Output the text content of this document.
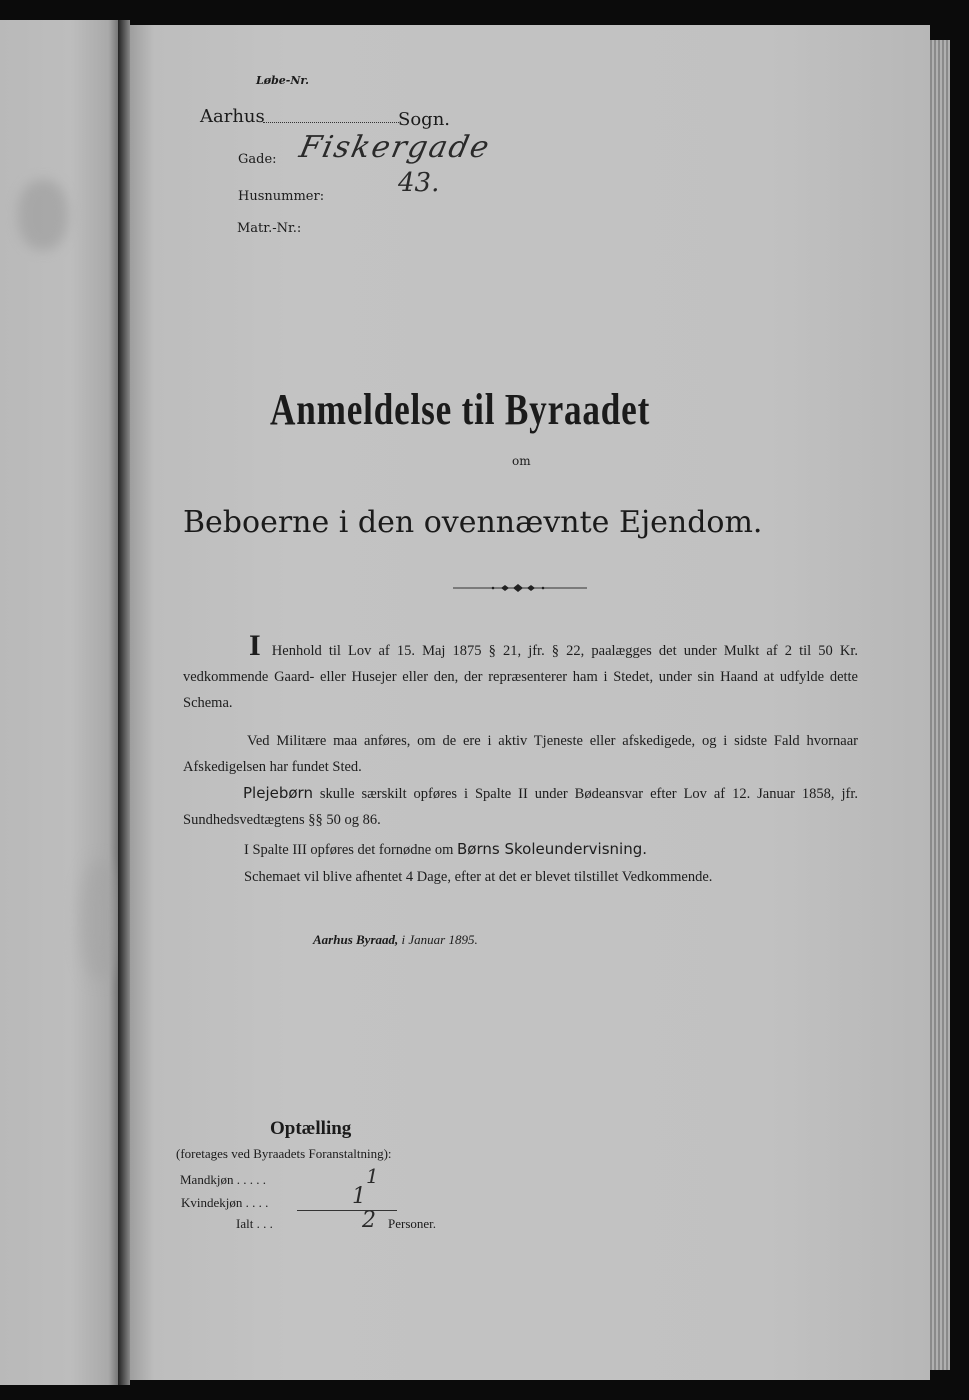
Løbe-Nr.
Aarhus	Sogn.
Gade: Fiskergade
Husnummer:	43.
Matr.-Nr.:
Anmeldelse til Byraadet
om
Beboerne i den ovennævnte Ejendom.
I Henhold til Lov af 15. Maj 1875 § 21, jfr. § 22, paalægges det under Mulkt af 2 til 50 Kr. vedkommende Gaard- eller Husejer eller den, der repræsenterer ham i Stedet, under sin Haand at udfylde dette Schema.
Ved Militære maa anføres, om de ere i aktiv Tjeneste eller afskedigede, og i sidste Fald hvornaar Afskedigelsen har fundet Sted.
Plejebørn skulle særskilt opføres i Spalte II under Bødeansvar efter Lov af 12. Januar 1858, jfr. Sundhedsvedtægtens §§ 50 og 86.
I Spalte III opføres det fornødne om Børns Skoleundervisning.
Schemaet vil blive afhentet 4 Dage, efter at det er blevet tilstillet Vedkommende.
Aarhus Byraad, i Januar 1895.
Optælling
(foretages ved Byraadets Foranstaltning):
Mandkjøn . . . . .	1
Kvindekjøn . . . .	1
Ialt . . .	2 Personer.
